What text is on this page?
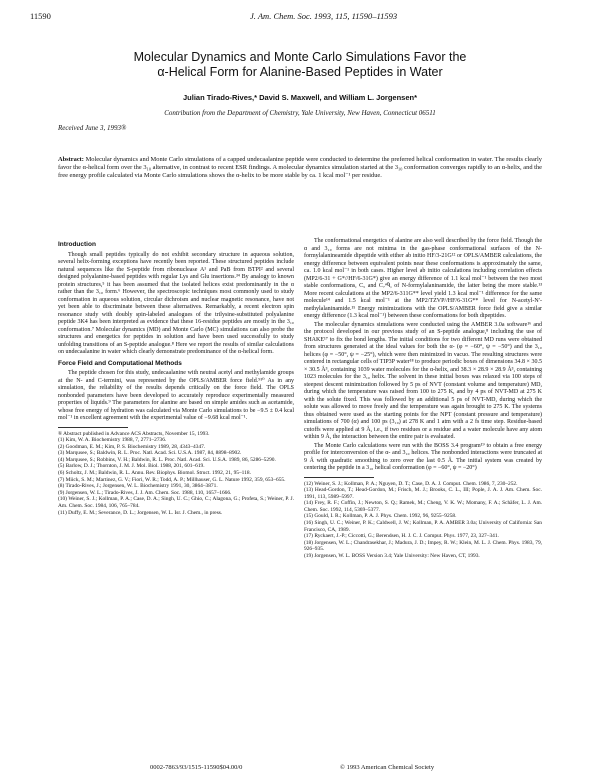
11590	J. Am. Chem. Soc. 1993, 115, 11590–11593
Molecular Dynamics and Monte Carlo Simulations Favor the
α-Helical Form for Alanine-Based Peptides in Water
Julian Tirado-Rives,* David S. Maxwell, and William L. Jorgensen*
Contribution from the Department of Chemistry, Yale University, New Haven, Connecticut 06511
Received June 3, 1993®
Abstract: Molecular dynamics and Monte Carlo simulations of a capped undecaalanine peptide were conducted to determine the preferred helical conformation in water. The results clearly favor the α-helical form over the 3₁₀ alternative, in contrast to recent ESR findings. A molecular dynamics simulation started at the 3₁₀ conformation converges rapidly to an α-helix, and the free energy profile calculated via Monte Carlo simulations shows the α-helix to be more stable by ca. 1 kcal mol⁻¹ per residue.
Introduction

Though small peptides typically do not exhibit secondary structure in aqueous solution, several helix-forming exceptions have recently been reported. These structured peptides include natural sequences like the S-peptide from ribonuclease A¹ and PaB from BTPI² and several designed polyalanine-based peptides with regular Lys and Glu insertions.³⁴ By analogy to known protein structures,⁵ it has been assumed that the isolated helices exist predominantly in the α rather than the 3₁₀ form.⁶ However, the spectroscopic techniques most commonly used to study conformation in aqueous solution, circular dichroism and nuclear magnetic resonance, have not yet been able to discriminate between these alternatives. Remarkably, a recent electron spin resonance study with doubly spin-labeled analogues of the trilysine-substituted polyalanine peptide 3K4 has been interpreted as evidence that these 16-residue peptides are mostly in the 3₁₀ conformation.⁷ Molecular dynamics (MD) and Monte Carlo (MC) simulations can also probe the structures and energetics for peptides in solution and have been used successfully to study unfolding transitions of an S-peptide analogue.⁸ Here we report the results of similar calculations on undecaalanine in water which clearly demonstrate predominance of the α-helical form.

Force Field and Computational Methods

The peptide chosen for this study, undecaalanine with neutral acetyl and methylamide groups at the N- and C-termini, was represented by the OPLS/AMBER force field.⁹¹⁰ As in any simulation, the reliability of the results depends critically on the force field. The OPLS nonbonded parameters have been developed to accurately reproduce experimentally measured properties of liquids.⁹ The parameters for alanine are based on simple amides such as acetamide, whose free energy of hydration was calculated via Monte Carlo simulations to be −9.5 ± 0.4 kcal mol⁻¹ in excellent agreement with the experimental value of −9.68 kcal mol⁻¹.

® Abstract published in Advance ACS Abstracts, November 15, 1993.
(1) Kim, W. A. Biochemistry 1988, 7, 2771–2736.
(2) Goodman, E. M.; Kim, P. S. Biochemistry 1989, 28, 4343–4347.
(3) Marqusee, S.; Baldwin, R. L. Proc. Natl. Acad. Sci. U.S.A. 1987, 84, 8898–8902.
(4) Marqusee, S.; Robbins, V. H.; Baldwin, R. L. Proc. Natl. Acad. Sci. U.S.A. 1989, 86, 5286–5290.
(5) Barlow, D. J.; Thornton, J. M. J. Mol. Biol. 1988, 201, 601–619.
(6) Scholtz, J. M.; Baldwin, R. L. Annu. Rev. Biophys. Biomol. Struct. 1992, 21, 95–118.
(7) Miick, S. M.; Martinez, G. V.; Fiori, W. R.; Todd, A. P.; Millhauser, G. L. Nature 1992, 359, 653–655.
(8) Tirado-Rives, J.; Jorgensen, W. L. Biochemistry 1991, 30, 3864–3871.
(9) Jorgensen, W. L.; Tirado-Rives, J. J. Am. Chem. Soc. 1988, 110, 1657–1666.
(10) Weiner, S. J.; Kollman, P. A.; Case, D. A.; Singh, U. C.; Ghio, C.; Alagona, G.; Profeta, S.; Weiner, P. J. Am. Chem. Soc. 1984, 106, 765–784.
(11) Duffy, E. M.; Severance, D. L.; Jorgensen, W. L. Isr. J. Chem., in press.

The conformational energetics of alanine are also well described by the force field. Though the α and 3₁₀ forms are not minima in the gas-phase conformational surfaces of the N-formylalanineamide dipeptide with either ab initio HF/3-21G¹² or OPLS/AMBER calculations, the energy difference between equivalent points near these conformations is approximately the same, ca. 1.0 kcal mol⁻¹ in both cases. Higher level ab initio calculations including correlation effects (MP2/6-31 + G*//HF/6-31G*) give an energy difference of 1.1 kcal mol⁻¹ between the two most stable conformations, C₅ and C₇ᵉᑫ, of N-formylalaninamide, the latter being the more stable.¹³ More recent calculations at the MP2/6-311G** level yield 1.3 kcal mol⁻¹ difference for the same molecule¹⁴ and 1.5 kcal mol⁻¹ at the MP2/TZVP//HF/6-31G** level for N-acetyl-N′-methylalaninamide.¹⁵ Energy minimizations with the OPLS/AMBER force field give a similar energy difference (1.3 kcal mol⁻¹) between these conformations for both dipeptides.

The molecular dynamics simulations were conducted using the AMBER 3.0a software¹⁶ and the protocol developed in our previous study of an S-peptide analogue,⁸ including the use of SHAKE¹⁷ to fix the bond lengths. The initial conditions for two different MD runs were obtained from structures generated at the ideal values for both the α- (φ = −60°, ψ = −50°) and the 3₁₀ helices (φ = −50°, ψ = −25°), which were then minimized in vacuo. The resulting structures were centered in rectangular cells of TIP3P water¹⁸ to produce periodic boxes of dimensions 34.8 × 30.5 × 30.5 Å³, containing 1039 water molecules for the α-helix, and 38.3 × 28.9 × 28.9 Å³, containing 1023 molecules for the 3₁₀ helix. The solvent in these initial boxes was relaxed via 100 steps of steepest descent minimization followed by 5 ps of NVT (constant volume and temperature) MD, during which the temperature was raised from 100 to 275 K, and by 4 ps of NVT-MD at 275 K with the solute fixed. This was followed by an additional 5 ps of NVT-MD, during which the solute was allowed to move freely and the temperature was again brought to 275 K. The systems thus obtained were used as the starting points for the NPT (constant pressure and temperature) simulations of 700 (α) and 100 ps (3₁₀) at 278 K and 1 atm with a 2 fs time step. Residue-based cutoffs were applied at 9 Å, i.e., if two residues or a residue and a water molecule have any atom within 9 Å, the interaction between the entire pair is evaluated.

The Monte Carlo calculations were run with the BOSS 3.4 program¹⁹ to obtain a free energy profile for interconversion of the α- and 3₁₀ helices. The nonbonded interactions were truncated at 9 Å with quadratic smoothing to zero over the last 0.5 Å. The initial system was created by centering the peptide in a 3₁₀ helical conformation (φ = −60°, ψ = −20°)

(12) Weiner, S. J.; Kollman, P. A.; Nguyen, D. T.; Case, D. A. J. Comput. Chem. 1986, 7, 230–252.
(13) Head-Gordon, T.; Head-Gordon, M.; Frisch, M. J.; Brooks, C. L., III; Pople, J. A. J. Am. Chem. Soc. 1991, 113, 5989–5997.
(14) Frey, R. F.; Coffin, J.; Newton, S. Q.; Ramek, M.; Cheng, V. K. W.; Momany, F. A.; Schäfer, L. J. Am. Chem. Soc. 1992, 114, 5369–5377.
(15) Gould, I. R.; Kollman, P. A. J. Phys. Chem. 1992, 96, 9255–9258.
(16) Singh, U. C.; Weiner, P. K.; Caldwell, J. W.; Kollman, P. A. AMBER 3.0a; University of California: San Francisco, CA, 1989.
(17) Ryckaert, J.-P.; Ciccotti, G.; Berendsen, H. J. C. J. Comput. Phys. 1977, 23, 327–341.
(18) Jorgensen, W. L.; Chandrasekhar, J.; Madura, J. D.; Impey, R. W.; Klein, M. L. J. Chem. Phys. 1983, 79, 926–935.
(19) Jorgensen, W. L. BOSS Version 3.4; Yale University: New Haven, CT, 1993.
0002-7863/93/1515-11590$04.00/0	© 1993 American Chemical Society
